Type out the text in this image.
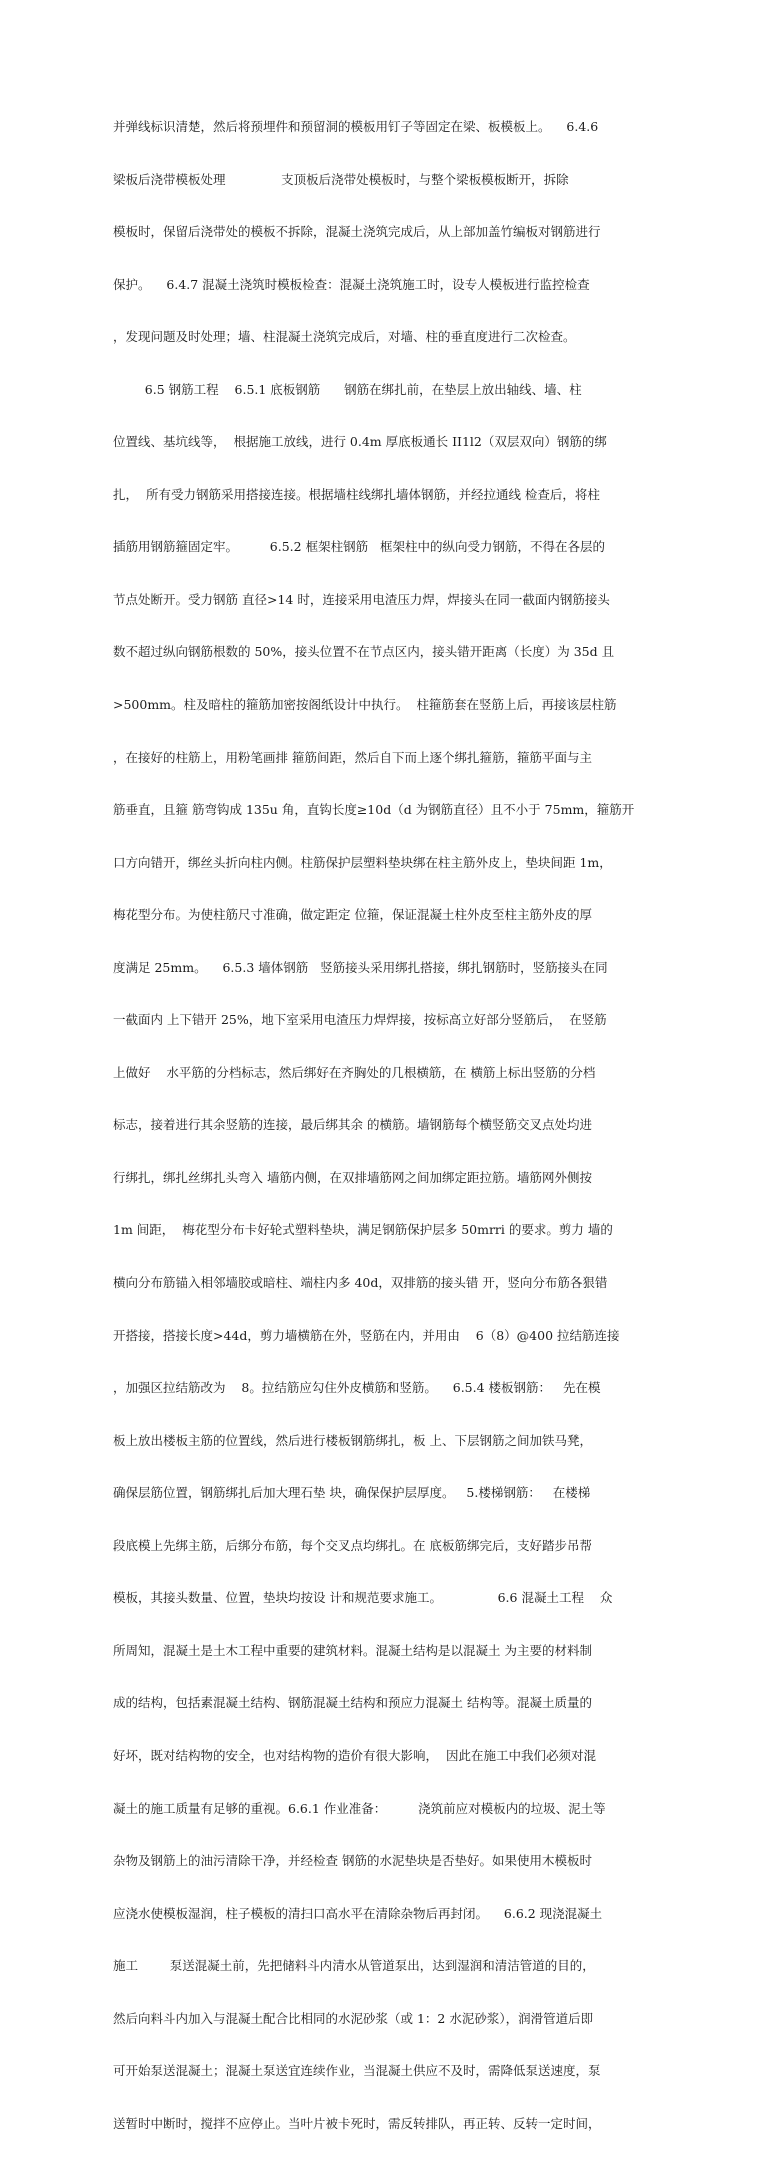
并弹线标识清楚，然后将预埋件和预留洞的模板用钉子等固定在梁、板模板上。    6.4.6

梁板后浇带模板处理              支顶板后浇带处模板时，与整个梁板模板断开，拆除

模板时，保留后浇带处的模板不拆除，混凝土浇筑完成后，从上部加盖竹编板对钢筋进行

保护。    6.4.7 混凝土浇筑时模板检查：混凝土浇筑施工时，设专人模板进行监控检查

，发现问题及时处理；墙、柱混凝土浇筑完成后，对墙、柱的垂直度进行二次检查。

6.5 钢筋工程    6.5.1 底板钢筋      钢筋在绑扎前，在垫层上放出轴线、墙、柱

位置线、基坑线等，  根据施工放线，进行 0.4m 厚底板通长 II1l2（双层双向）钢筋的绑

扎，  所有受力钢筋采用搭接连接。根据墙柱线绑扎墙体钢筋，并经拉通线 检查后，将柱

插筋用钢筋箍固定牢。        6.5.2 框架柱钢筋   框架柱中的纵向受力钢筋，不得在各层的

节点处断开。受力钢筋 直径>14 时，连接采用电渣压力焊，焊接头在同一截面内钢筋接头

数不超过纵向钢筋根数的 50%，接头位置不在节点区内，接头错开距离（长度）为 35d 且

>500mm。柱及暗柱的箍筋加密按阁纸设计中执行。  柱箍筋套在竖筋上后，再接该层柱筋

，在接好的柱筋上，用粉笔画排 箍筋间距，然后自下而上逐个绑扎箍筋，箍筋平面与主

筋垂直，且箍 筋弯钩成 135u 角，直钩长度≥10d（d 为钢筋直径）且不小于 75mm，箍筋开

口方向错开，绑丝头折向柱内侧。柱筋保护层塑料垫块绑在柱主筋外皮上，垫块间距 1m，

梅花型分布。为使柱筋尺寸准确，做定距定 位箍，保证混凝土柱外皮至柱主筋外皮的厚

度满足 25mm。    6.5.3 墙体钢筋   竖筋接头采用绑扎搭接，绑扎钢筋时，竖筋接头在同

一截面内 上下错开 25%，地下室采用电渣压力焊焊接，按标高立好部分竖筋后，  在竖筋

上做好    水平筋的分档标志，然后绑好在齐胸处的几根横筋，在 横筋上标出竖筋的分档

标志，接着进行其余竖筋的连接，最后绑其余 的横筋。墙钢筋每个横竖筋交叉点处均进

行绑扎，绑扎丝绑扎头弯入 墙筋内侧，在双排墙筋网之间加绑定距拉筋。墙筋网外侧按

1m 间距，  梅花型分布卡好轮式塑料垫块，满足钢筋保护层多 50mrri 的要求。剪力 墙的

横向分布筋锚入相邻墙胶或暗柱、端柱内多 40d，双排筋的接头错 开，竖向分布筋各狠错

开搭接，搭接长度>44d，剪力墙横筋在外，竖筋在内，并用由    6（8）@400 拉结筋连接

，加强区拉结筋改为    8。拉结筋应勾住外皮横筋和竖筋。    6.5.4 楼板钢筋：   先在模

板上放出楼板主筋的位置线，然后进行楼板钢筋绑扎，板 上、下层钢筋之间加铁马凳，

确保层筋位置，钢筋绑扎后加大理石垫 块，确保保护层厚度。   5.楼梯钢筋：   在楼梯

段底模上先绑主筋，后绑分布筋，每个交叉点均绑扎。在 底板筋绑完后，支好踏步吊帮

模板，其接头数量、位置，垫块均按设 计和规范要求施工。              6.6 混凝土工程    众

所周知，混凝土是土木工程中重要的建筑材料。混凝土结构是以混凝土 为主要的材料制

成的结构，包括素混凝土结构、钢筋混凝土结构和预应力混凝土 结构等。混凝土质量的

好坏，既对结构物的安全，也对结构物的造价有很大影响，  因此在施工中我们必须对混

凝土的施工质量有足够的重视。6.6.1 作业准备：        浇筑前应对模板内的垃圾、泥土等

杂物及钢筋上的油污清除干净，并经检查 钢筋的水泥垫块是否垫好。如果使用木模板时

应浇水使模板湿润，柱子模板的清扫口高水平在清除杂物后再封闭。    6.6.2 现浇混凝土

施工        泵送混凝土前，先把储料斗内清水从管道泵出，达到湿润和清洁管道的目的，

然后向料斗内加入与混凝土配合比相同的水泥砂浆（或 1：2 水泥砂浆），润滑管道后即

可开始泵送混凝土；混凝土泵送宜连续作业，当混凝土供应不及时，需降低泵送速度，泵

送暂时中断时，搅拌不应停止。当叶片被卡死时，需反转排队，再正转、反转一定时间，
